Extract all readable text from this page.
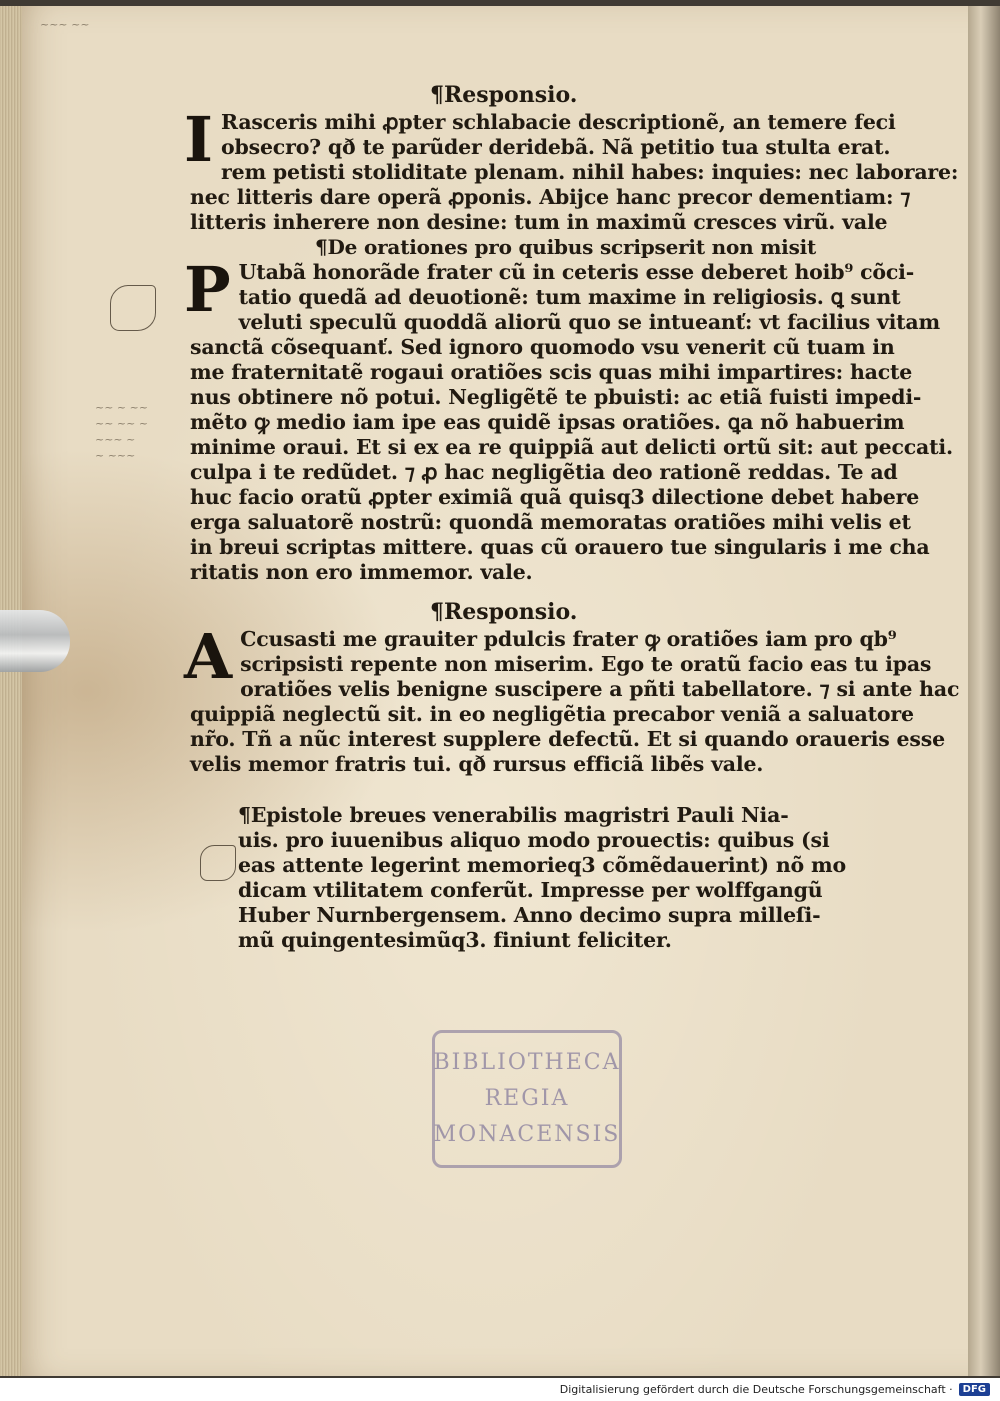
~~~ ~~
~~ ~ ~~
~~ ~~ ~
~~~ ~
~ ~~~
¶Responsio.
I Rasceris mihi ꝓpter schlabacie descriptionẽ, an temere feci
obsecro? qð te parũder deridebã. Nã petitio tua stulta erat.
rem petisti stoliditate plenam. nihil habes: inquies: nec laborare:
nec litteris dare operã ꝓponis. Abijce hanc precor dementiam: ⁊
litteris inherere non desine: tum in maximũ cresces virũ. vale
¶De orationes pro quibus scripserit non misit
P Utabã honorãde frater cũ in ceteris esse deberet hoib⁹ cõci-
tatio quedã ad deuotionẽ: tum maxime in religiosis. ꝗ sunt
veluti speculũ quoddã aliorũ quo se intueanť: vt facilius vitam
sanctã cõsequanť. Sed ignoro quomodo vsu venerit cũ tuam in
me fraternitatẽ rogaui oratiões scis quas mihi impartires: hacte
nus obtinere nõ potui. Negligẽtẽ te pbuisti: ac etiã fuisti impedi-
mẽto ꝙ medio iam ipe eas quidẽ ipsas oratiões. ꝗa nõ habuerim
minime oraui. Et si ex ea re quippiã aut delicti ortũ sit: aut peccati.
culpa i te redũdet. ⁊ ꝓ hac negligẽtia deo rationẽ reddas. Te ad
huc facio oratũ ꝓpter eximiã quã quisq3 dilectione debet habere
erga saluatorẽ nostrũ: quondã memoratas oratiões mihi velis et
in breui scriptas mittere. quas cũ orauero tue singularis i me cha
ritatis non ero immemor. vale.
¶Responsio.
A Ccusasti me grauiter pdulcis frater ꝙ oratiões iam pro qb⁹
scripsisti repente non miserim. Ego te oratũ facio eas tu ipas
oratiões velis benigne suscipere a pñti tabellatore. ⁊ si ante hac
quippiã neglectũ sit. in eo negligẽtia precabor veniã a saluatore
nr̃o. Tñ a nũc interest supplere defectũ. Et si quando oraueris esse
velis memor fratris tui. qð rursus efficiã libẽs vale.
¶Epistole breues venerabilis magristri Pauli Nia-
uis. pro iuuenibus aliquo modo prouectis: quibus (si
eas attente legerint memorieq3 cõmẽdauerint) nõ mo
dicam vtilitatem conferũt. Impresse per wolffgangũ
Huber Nurnbergensem. Anno decimo supra milleſi-
mũ quingentesimũq3. finiunt feliciter.
BIBLIOTHECA
REGIA
MONACENSIS
Digitalisierung gefördert durch die Deutsche Forschungsgemeinschaft ·	DFG
